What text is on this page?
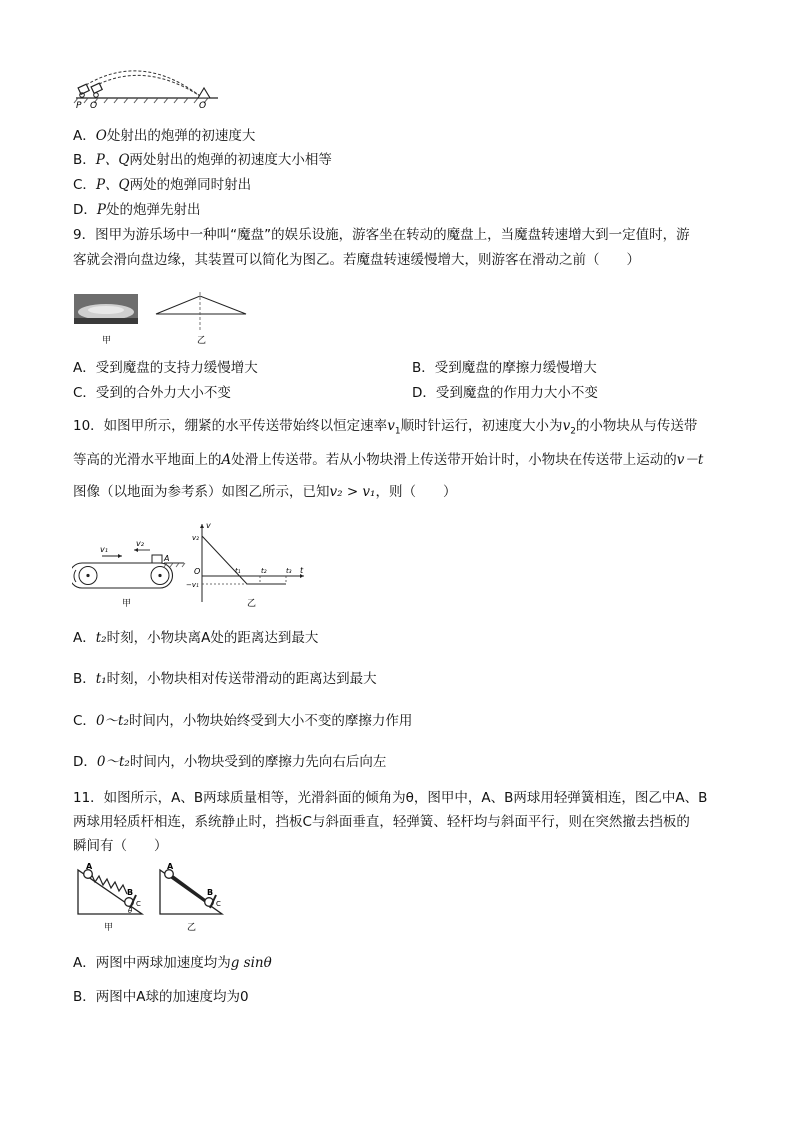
P Q	O
A．O处射出的炮弹的初速度大
B．P、Q两处射出的炮弹的初速度大小相等
C．P、Q两处的炮弹同时射出
D．P处的炮弹先射出
9．图甲为游乐场中一种叫“魔盘”的娱乐设施，游客坐在转动的魔盘上，当魔盘转速增大到一定值时，游
客就会滑向盘边缘，其装置可以简化为图乙。若魔盘转速缓慢增大，则游客在滑动之前（　　）
甲	乙
A．受到魔盘的支持力缓慢增大	B．受到魔盘的摩擦力缓慢增大
C．受到的合外力大小不变	D．受到魔盘的作用力大小不变
10．如图甲所示，绷紧的水平传送带始终以恒定速率$v_1$顺时针运行，初速度大小为$v_2$的小物块从与传送带
等高的光滑水平地面上的A处滑上传送带。若从小物块滑上传送带开始计时，小物块在传送带上运动的v－t
图像（以地面为参考系）如图乙所示，已知v₂ > v₁，则（　　）
v₁
v₂
A
甲
v
t
O
v₂
−v₁
t₁	t₂	t₃
乙
A．t₂时刻，小物块离A处的距离达到最大
B．t₁时刻，小物块相对传送带滑动的距离达到最大
C．0～t₂时间内，小物块始终受到大小不变的摩擦力作用
D．0～t₂时间内，小物块受到的摩擦力先向右后向左
11．如图所示，A、B两球质量相等，光滑斜面的倾角为θ，图甲中，A、B两球用轻弹簧相连，图乙中A、B
两球用轻质杆相连，系统静止时，挡板C与斜面垂直，轻弹簧、轻杆均与斜面平行，则在突然撤去挡板的
瞬间有（　　）
A
B
C
θ
甲
A
B
C
乙
A．两图中两球加速度均为g sinθ
B．两图中A球的加速度均为0
